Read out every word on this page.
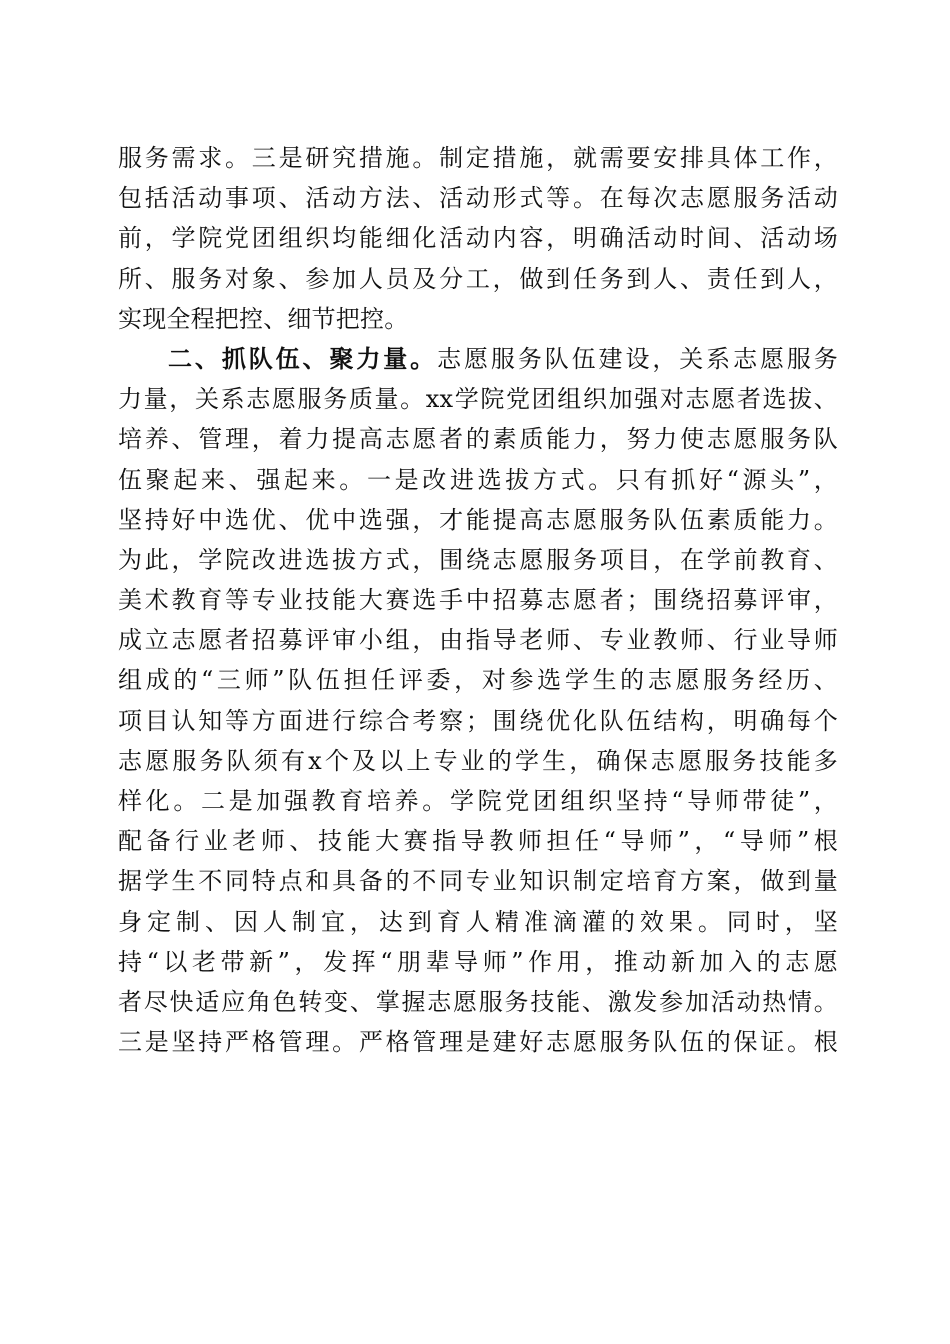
服务需求。三是研究措施。制定措施，就需要安排具体工作，
包括活动事项、活动方法、活动形式等。在每次志愿服务活动
前，学院党团组织均能细化活动内容，明确活动时间、活动场
所、服务对象、参加人员及分工，做到任务到人、责任到人，
实现全程把控、细节把控。
二、抓队伍、聚力量。志愿服务队伍建设，关系志愿服务
力量，关系志愿服务质量。xx学院党团组织加强对志愿者选拔、
培养、管理，着力提高志愿者的素质能力，努力使志愿服务队
伍聚起来、强起来。一是改进选拔方式。只有抓好“源头”，
坚持好中选优、优中选强，才能提高志愿服务队伍素质能力。
为此，学院改进选拔方式，围绕志愿服务项目，在学前教育、
美术教育等专业技能大赛选手中招募志愿者；围绕招募评审，
成立志愿者招募评审小组，由指导老师、专业教师、行业导师
组成的“三师”队伍担任评委，对参选学生的志愿服务经历、
项目认知等方面进行综合考察；围绕优化队伍结构，明确每个
志愿服务队须有x个及以上专业的学生，确保志愿服务技能多
样化。二是加强教育培养。学院党团组织坚持“导师带徒”，
配备行业老师、技能大赛指导教师担任“导师”，“导师”根
据学生不同特点和具备的不同专业知识制定培育方案，做到量
身定制、因人制宜，达到育人精准滴灌的效果。同时，坚
持“以老带新”，发挥“朋辈导师”作用，推动新加入的志愿
者尽快适应角色转变、掌握志愿服务技能、激发参加活动热情。
三是坚持严格管理。严格管理是建好志愿服务队伍的保证。根
